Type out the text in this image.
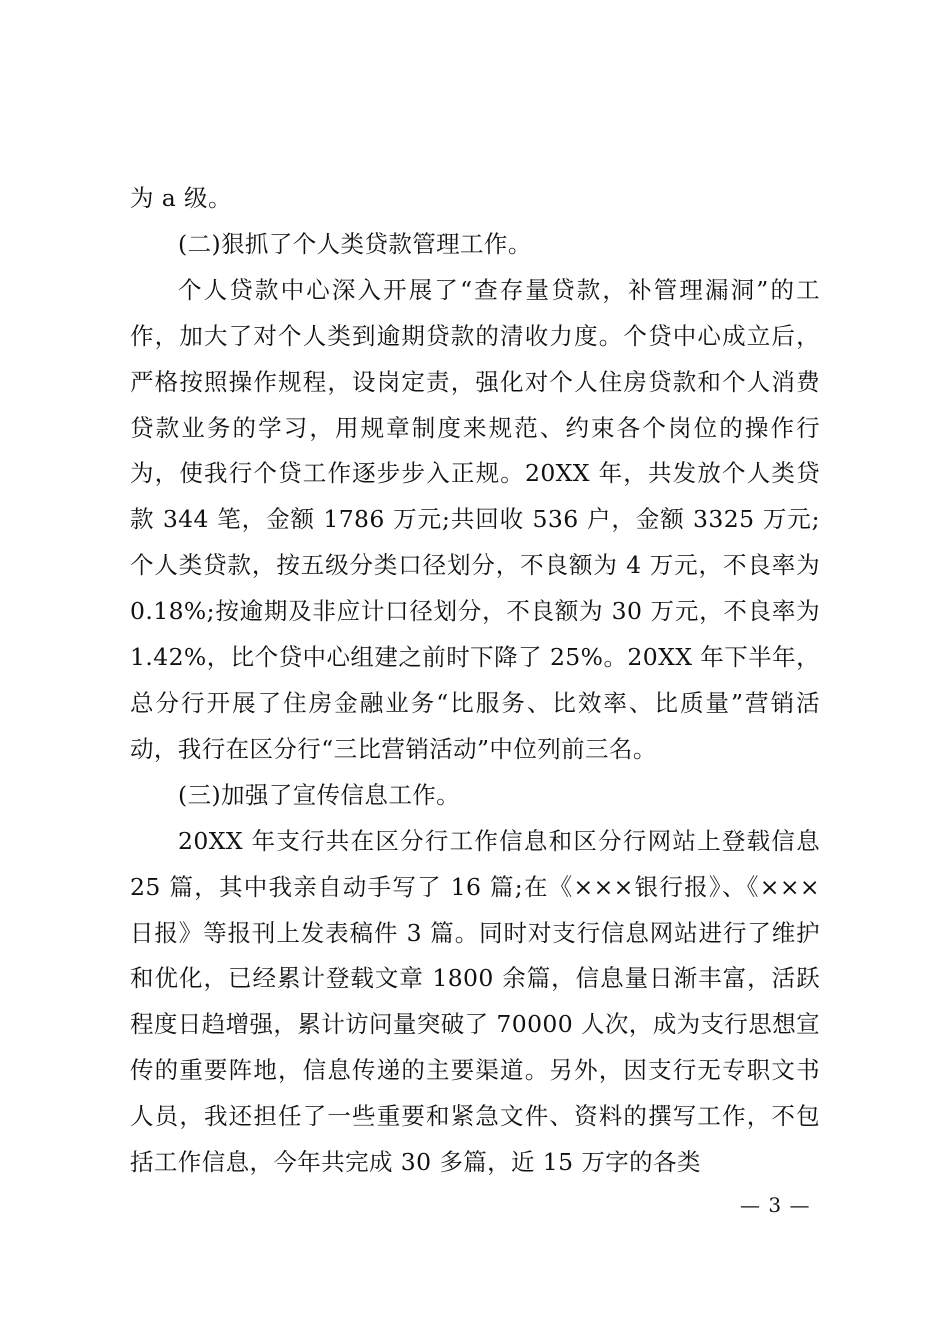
为 a 级。

(二)狠抓了个人类贷款管理工作。

个人贷款中心深入开展了“查存量贷款，补管理漏洞”的工作，加大了对个人类到逾期贷款的清收力度。个贷中心成立后，严格按照操作规程，设岗定责，强化对个人住房贷款和个人消费贷款业务的学习，用规章制度来规范、约束各个岗位的操作行为，使我行个贷工作逐步步入正规。20XX 年，共发放个人类贷款 344 笔，金额 1786 万元;共回收 536 户，金额 3325 万元;个人类贷款，按五级分类口径划分，不良额为 4 万元，不良率为 0.18%;按逾期及非应计口径划分，不良额为 30 万元，不良率为 1.42%，比个贷中心组建之前时下降了 25%。20XX 年下半年，总分行开展了住房金融业务“比服务、比效率、比质量”营销活动，我行在区分行“三比营销活动”中位列前三名。

(三)加强了宣传信息工作。

20XX 年支行共在区分行工作信息和区分行网站上登载信息 25 篇，其中我亲自动手写了 16 篇;在《×××银行报》、《×××日报》等报刊上发表稿件 3 篇。同时对支行信息网站进行了维护和优化，已经累计登载文章 1800 余篇，信息量日渐丰富，活跃程度日趋增强，累计访问量突破了 70000 人次，成为支行思想宣传的重要阵地，信息传递的主要渠道。另外，因支行无专职文书人员，我还担任了一些重要和紧急文件、资料的撰写工作，不包括工作信息，今年共完成 30 多篇，近 15 万字的各类

— 3 —
